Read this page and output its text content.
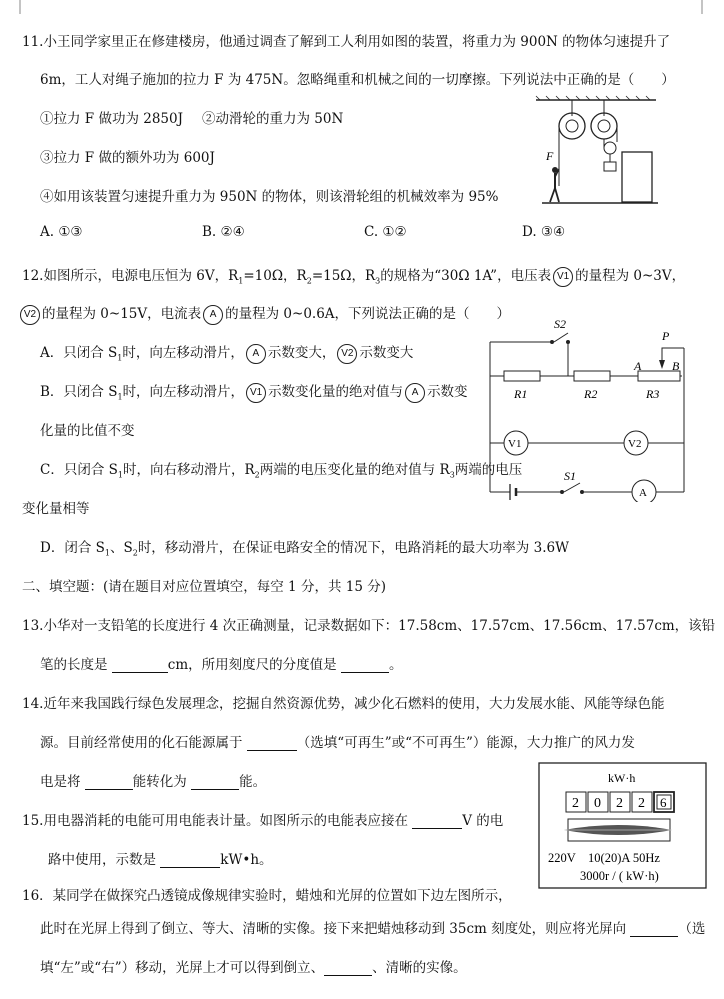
11.小王同学家里正在修建楼房，他通过调查了解到工人利用如图的装置，将重力为 900N 的物体匀速提升了
6m，工人对绳子施加的拉力 F 为 475N。忽略绳重和机械之间的一切摩擦。下列说法中正确的是（　　）
①拉力 F 做功为 2850J ②动滑轮的重力为 50N
③拉力 F 做的额外功为 600J
④如用该装置匀速提升重力为 950N 的物体，则该滑轮组的机械效率为 95%
A. ①③	B. ②④	C. ①②	D. ③④
F
12.如图所示，电源电压恒为 6V，$R_1=10\Omega$，$R_2=15\Omega$，$R_3$的规格为“30Ω 1A”，电压表 V1 的量程为 0~3V，
V2 的量程为 0~15V，电流表 A 的量程为 0~0.6A，下列说法正确的是（　　）
A．只闭合 $S_1$时，向左移动滑片， A 示数变大， V2 示数变大
B．只闭合 $S_1$时，向左移动滑片， V1 示数变化量的绝对值与 A 示数变
化量的比值不变
C．只闭合 $S_1$时，向右移动滑片，$R_2$两端的电压变化量的绝对值与 $R_3$两端的电压
变化量相等
D．闭合 $S_1$、$S_2$时，移动滑片，在保证电路安全的情况下，电路消耗的最大功率为 3.6W
S2
R1	R2	R3
A	B
P
V1	V2
S1
A
二、填空题：(请在题目对应位置填空，每空 1 分，共 15 分)
13.小华对一支铅笔的长度进行 4 次正确测量，记录数据如下：17.58cm、17.57cm、17.56cm、17.57cm，该铅
笔的长度是	cm，所用刻度尺的分度值是	。
14.近年来我国践行绿色发展理念，挖掘自然资源优势，减少化石燃料的使用，大力发展水能、风能等绿色能
源。目前经常使用的化石能源属于	（选填“可再生”或“不可再生”）能源，大力推广的风力发
电是将	能转化为	能。
15.用电器消耗的电能可用电能表计量。如图所示的电能表应接在	V 的电
路中使用，示数是	kW•h。
kW·h
2 0 2 2 6
220V　10(20)A 50Hz
3000r / ( kW·h)
16．某同学在做探究凸透镜成像规律实验时，蜡烛和光屏的位置如下边左图所示，
此时在光屏上得到了倒立、等大、清晰的实像。接下来把蜡烛移动到 35cm 刻度处，则应将光屏向	（选
填“左”或“右”）移动，光屏上才可以得到倒立、	、清晰的实像。
